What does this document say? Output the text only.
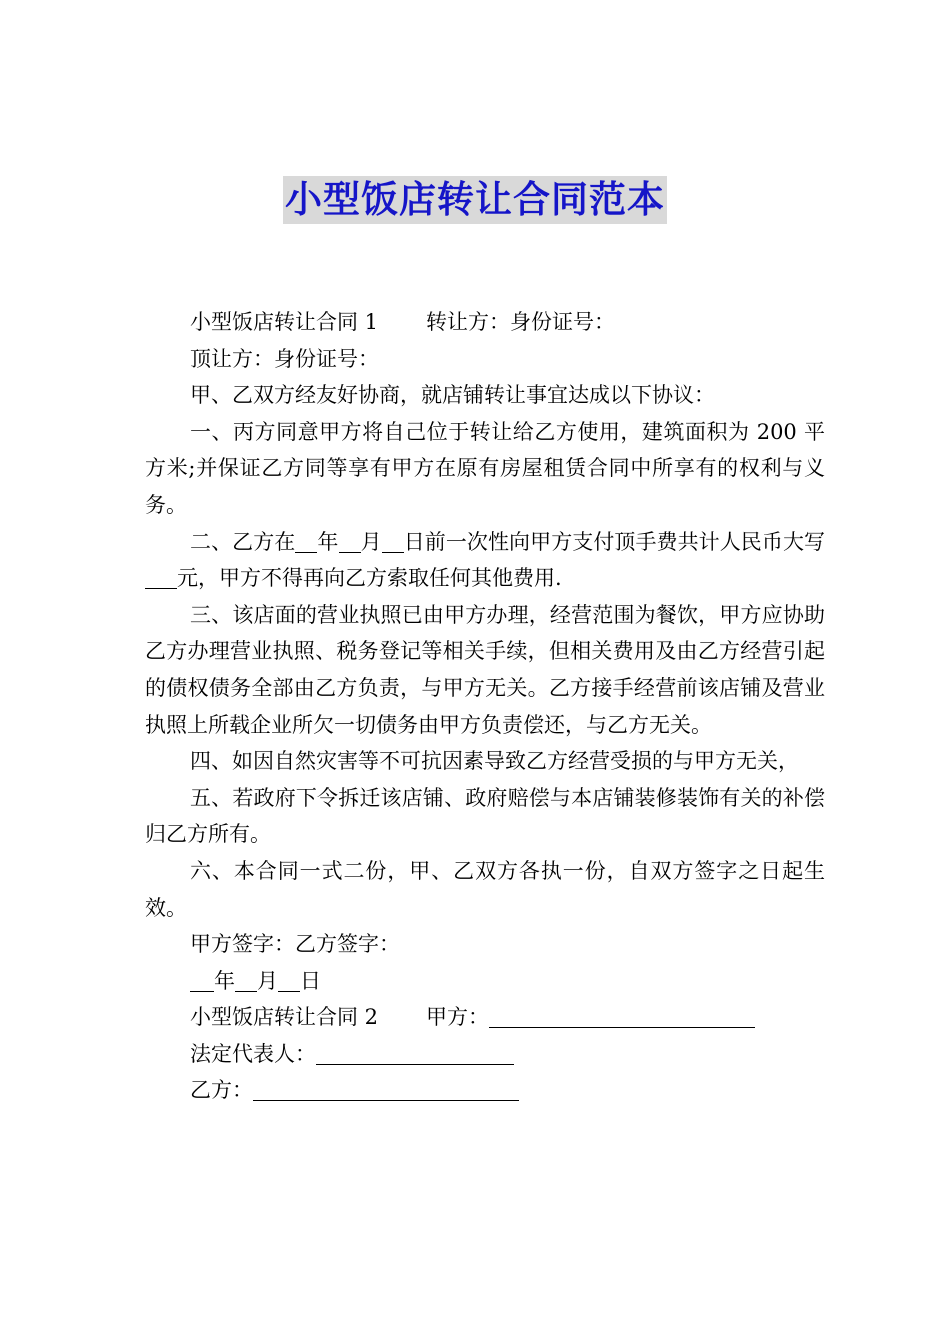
小型饭店转让合同范本

小型饭店转让合同 1 转让方：身份证号：

顶让方：身份证号：

甲、乙双方经友好协商，就店铺转让事宜达成以下协议：

一、丙方同意甲方将自己位于转让给乙方使用，建筑面积为 200 平方米;并保证乙方同等享有甲方在原有房屋租赁合同中所享有的权利与义务。

二、乙方在 年 月 日前一次性向甲方支付顶手费共计人民币大写元，甲方不得再向乙方索取任何其他费用.

三、该店面的营业执照已由甲方办理，经营范围为餐饮，甲方应协助乙方办理营业执照、税务登记等相关手续，但相关费用及由乙方经营引起的债权债务全部由乙方负责，与甲方无关。乙方接手经营前该店铺及营业执照上所载企业所欠一切债务由甲方负责偿还，与乙方无关。

四、如因自然灾害等不可抗因素导致乙方经营受损的与甲方无关，

五、若政府下令拆迁该店铺、政府赔偿与本店铺装修装饰有关的补偿归乙方所有。

六、本合同一式二份，甲、乙双方各执一份，自双方签字之日起生效。

甲方签字：乙方签字：

年 月 日

小型饭店转让合同 2 甲方：

法定代表人：

乙方：
